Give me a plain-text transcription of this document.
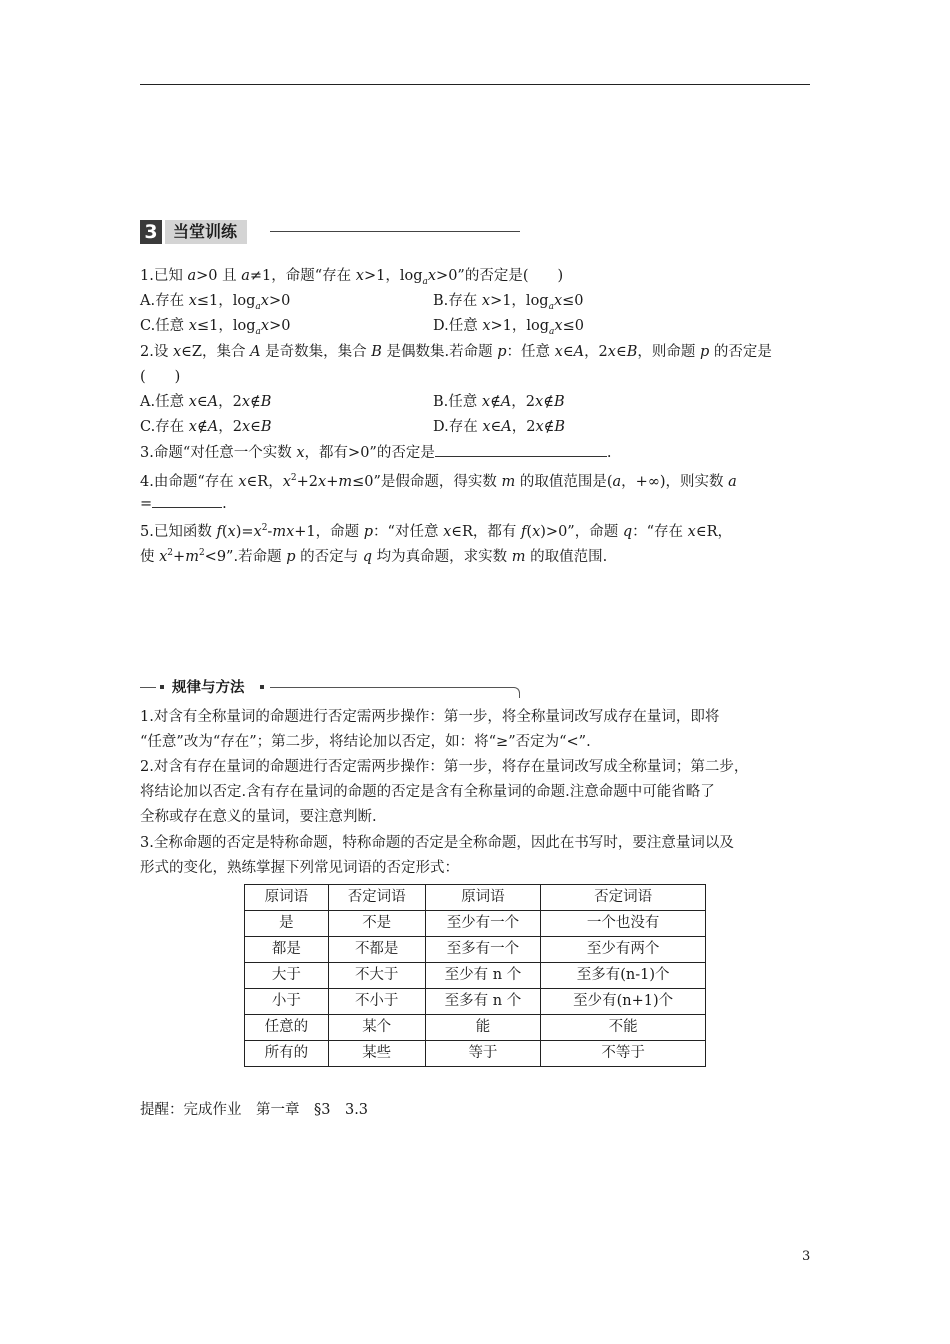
3 当堂训练
1.已知 a>0 且 a≠1，命题“存在 x>1，$\log_ax>0$”的否定是(　　)
A.存在 x≤1，$\log_ax>0$	B.存在 x>1，$\log_ax\le 0$
C.任意 x≤1，$\log_ax>0$	D.任意 x>1，$\log_ax\le 0$
2.设 x∈Z，集合 A 是奇数集，集合 B 是偶数集.若命题 p：任意 x∈A，2x∈B，则命题 p 的否定是
(　　)
A.任意 x∈A，2x∉B	B.任意 x∉A，2x∉B
C.存在 x∉A，2x∈B	D.存在 x∈A，2x∉B
3.命题“对任意一个实数 x，都有>0”的否定是	.
4.由命题“存在 x∈R，$x^2+2x+m\le 0$”是假命题，得实数 m 的取值范围是(a，+∞)，则实数 a
=	.
5.已知函数 $f(x)=x^2-mx+1$，命题 p：“对任意 x∈R，都有 f(x)>0”，命题 q：“存在 x∈R，
使 $x^2+m^2<9$”.若命题 p 的否定与 q 均为真命题，求实数 m 的取值范围.
规律与方法
1.对含有全称量词的命题进行否定需两步操作：第一步，将全称量词改写成存在量词，即将
“任意”改为“存在”；第二步，将结论加以否定，如：将“≥”否定为“<”.
2.对含有存在量词的命题进行否定需两步操作：第一步，将存在量词改写成全称量词；第二步，
将结论加以否定.含有存在量词的命题的否定是含有全称量词的命题.注意命题中可能省略了
全称或存在意义的量词，要注意判断.
3.全称命题的否定是特称命题，特称命题的否定是全称命题，因此在书写时，要注意量词以及
形式的变化，熟练掌握下列常见词语的否定形式：
原词语	否定词语	原词语	否定词语
是	不是	至少有一个	一个也没有
都是	不都是	至多有一个	至少有两个
大于	不大于	至少有 n 个	至多有(n-1)个
小于	不小于	至多有 n 个	至少有(n+1)个
任意的	某个	能	不能
所有的	某些	等于	不等于
提醒：完成作业　第一章　§3　3.3
3
